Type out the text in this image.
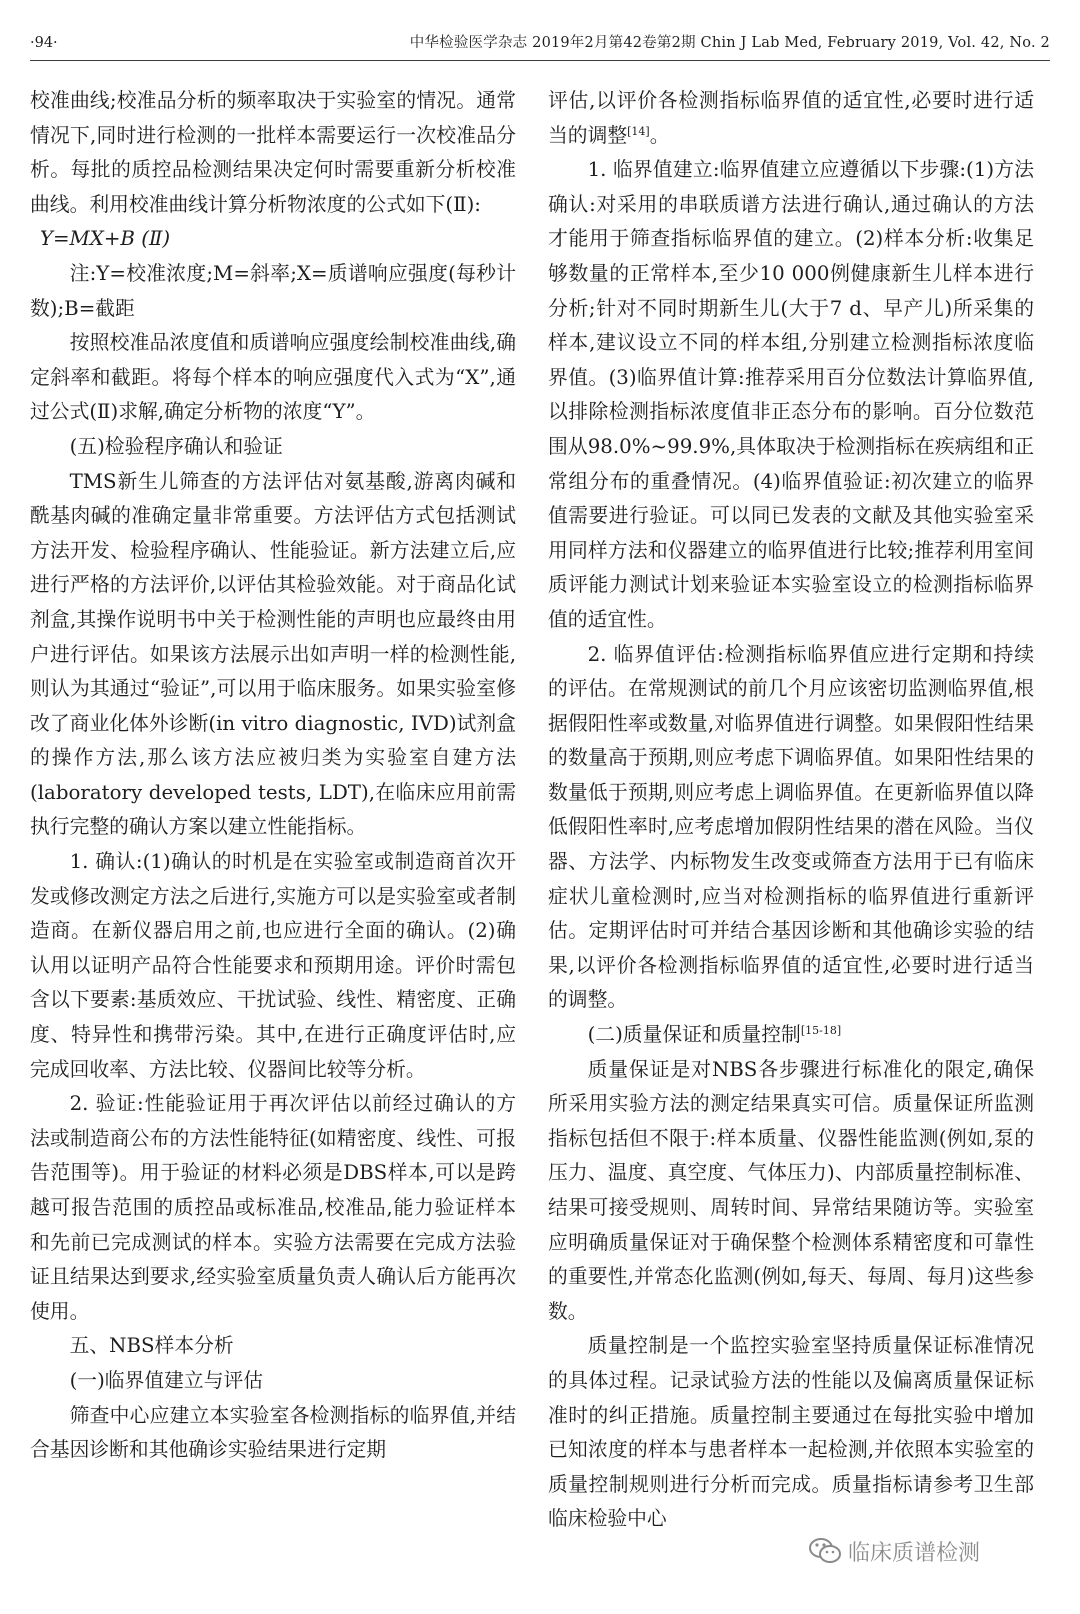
·94·	中华检验医学杂志 2019年2月第42卷第2期 Chin J Lab Med, February 2019, Vol. 42, No. 2

校准曲线;校准品分析的频率取决于实验室的情况。通常情况下,同时进行检测的一批样本需要运行一次校准品分析。每批的质控品检测结果决定何时需要重新分析校准曲线。利用校准曲线计算分析物浓度的公式如下(Ⅱ):

Y=MX+B (Ⅱ)

注:Y=校准浓度;M=斜率;X=质谱响应强度(每秒计数);B=截距

按照校准品浓度值和质谱响应强度绘制校准曲线,确定斜率和截距。将每个样本的响应强度代入式为“X”,通过公式(Ⅱ)求解,确定分析物的浓度“Y”。

(五)检验程序确认和验证

TMS新生儿筛查的方法评估对氨基酸,游离肉碱和酰基肉碱的准确定量非常重要。方法评估方式包括测试方法开发、检验程序确认、性能验证。新方法建立后,应进行严格的方法评价,以评估其检验效能。对于商品化试剂盒,其操作说明书中关于检测性能的声明也应最终由用户进行评估。如果该方法展示出如声明一样的检测性能,则认为其通过“验证”,可以用于临床服务。如果实验室修改了商业化体外诊断(in vitro diagnostic, IVD)试剂盒的操作方法,那么该方法应被归类为实验室自建方法(laboratory developed tests, LDT),在临床应用前需执行完整的确认方案以建立性能指标。

1. 确认:(1)确认的时机是在实验室或制造商首次开发或修改测定方法之后进行,实施方可以是实验室或者制造商。在新仪器启用之前,也应进行全面的确认。(2)确认用以证明产品符合性能要求和预期用途。评价时需包含以下要素:基质效应、干扰试验、线性、精密度、正确度、特异性和携带污染。其中,在进行正确度评估时,应完成回收率、方法比较、仪器间比较等分析。

2. 验证:性能验证用于再次评估以前经过确认的方法或制造商公布的方法性能特征(如精密度、线性、可报告范围等)。用于验证的材料必须是DBS样本,可以是跨越可报告范围的质控品或标准品,校准品,能力验证样本和先前已完成测试的样本。实验方法需要在完成方法验证且结果达到要求,经实验室质量负责人确认后方能再次使用。

五、NBS样本分析

(一)临界值建立与评估

筛查中心应建立本实验室各检测指标的临界值,并结合基因诊断和其他确诊实验结果进行定期

评估,以评价各检测指标临界值的适宜性,必要时进行适当的调整[14]。

1. 临界值建立:临界值建立应遵循以下步骤:(1)方法确认:对采用的串联质谱方法进行确认,通过确认的方法才能用于筛查指标临界值的建立。(2)样本分析:收集足够数量的正常样本,至少10 000例健康新生儿样本进行分析;针对不同时期新生儿(大于7 d、早产儿)所采集的样本,建议设立不同的样本组,分别建立检测指标浓度临界值。(3)临界值计算:推荐采用百分位数法计算临界值,以排除检测指标浓度值非正态分布的影响。百分位数范围从98.0%~99.9%,具体取决于检测指标在疾病组和正常组分布的重叠情况。(4)临界值验证:初次建立的临界值需要进行验证。可以同已发表的文献及其他实验室采用同样方法和仪器建立的临界值进行比较;推荐利用室间质评能力测试计划来验证本实验室设立的检测指标临界值的适宜性。

2. 临界值评估:检测指标临界值应进行定期和持续的评估。在常规测试的前几个月应该密切监测临界值,根据假阳性率或数量,对临界值进行调整。如果假阳性结果的数量高于预期,则应考虑下调临界值。如果阳性结果的数量低于预期,则应考虑上调临界值。在更新临界值以降低假阳性率时,应考虑增加假阴性结果的潜在风险。当仪器、方法学、内标物发生改变或筛查方法用于已有临床症状儿童检测时,应当对检测指标的临界值进行重新评估。定期评估时可并结合基因诊断和其他确诊实验的结果,以评价各检测指标临界值的适宜性,必要时进行适当的调整。

(二)质量保证和质量控制[15-18]

质量保证是对NBS各步骤进行标准化的限定,确保所采用实验方法的测定结果真实可信。质量保证所监测指标包括但不限于:样本质量、仪器性能监测(例如,泵的压力、温度、真空度、气体压力)、内部质量控制标准、结果可接受规则、周转时间、异常结果随访等。实验室应明确质量保证对于确保整个检测体系精密度和可靠性的重要性,并常态化监测(例如,每天、每周、每月)这些参数。

质量控制是一个监控实验室坚持质量保证标准情况的具体过程。记录试验方法的性能以及偏离质量保证标准时的纠正措施。质量控制主要通过在每批实验中增加已知浓度的样本与患者样本一起检测,并依照本实验室的质量控制规则进行分析而完成。质量指标请参考卫生部临床检验中心

临床质谱检测
